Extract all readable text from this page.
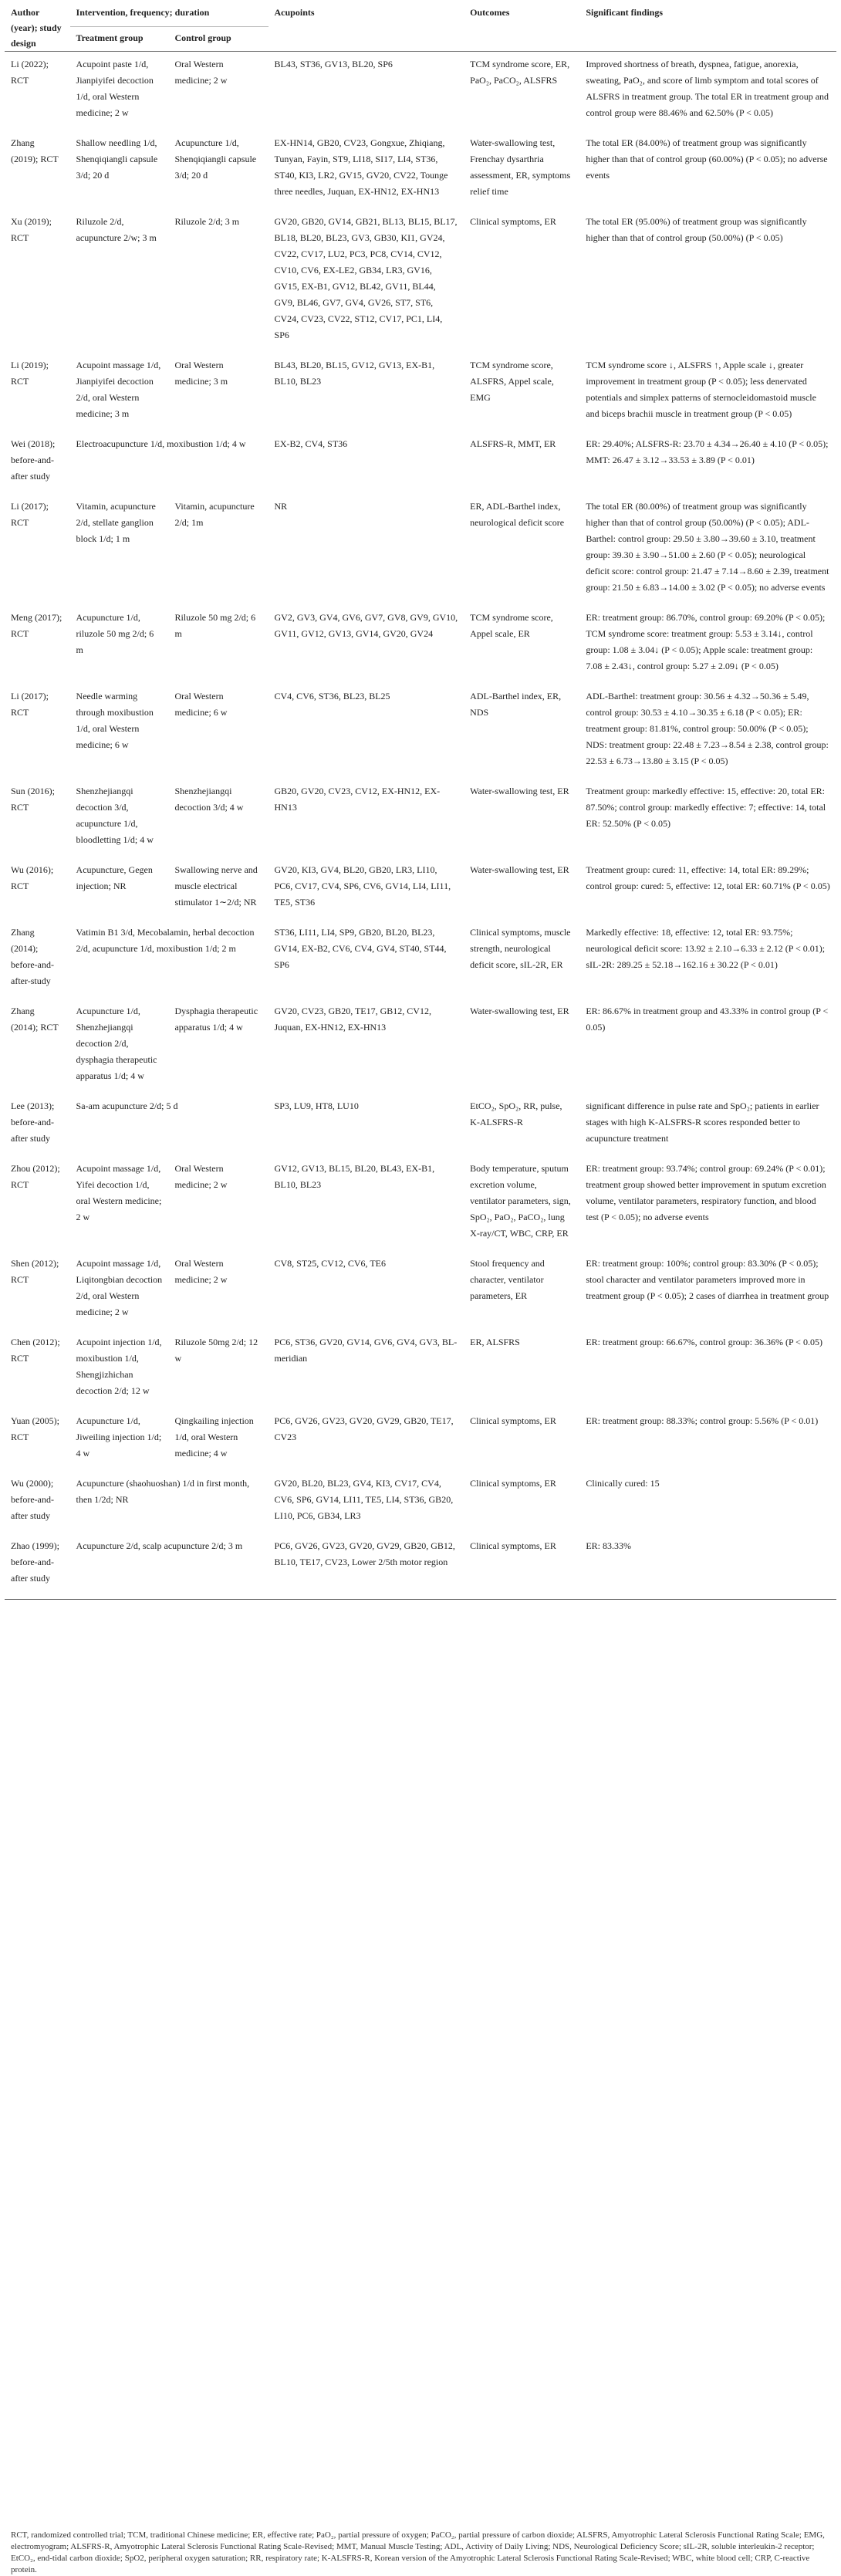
Author (year); study design	Intervention, frequency; duration		Acupoints	Outcomes	Significant findings
	Treatment group	Control group			
Li (2022); RCT	Acupoint paste 1/d, Jianpiyifei decoction 1/d, oral Western medicine; 2 w	Oral Western medicine; 2 w	BL43, ST36, GV13, BL20, SP6	TCM syndrome score, ER, PaO₂, PaCO₂, ALSFRS	Improved shortness of breath, dyspnea, fatigue, anorexia, sweating, PaO₂, and score of limb symptom and total scores of ALSFRS in treatment group. The total ER in treatment group and control group were 88.46% and 62.50% (P < 0.05)
Zhang (2019); RCT	Shallow needling 1/d, Shenqiqiangli capsule 3/d; 20 d	Acupuncture 1/d, Shenqiqiangli capsule 3/d; 20 d	EX-HN14, GB20, CV23, Gongxue, Zhiqiang, Tunyan, Fayin, ST9, LI18, SI17, LI4, ST36, ST40, KI3, LR2, GV15, GV20, CV22, Tounge three needles, Juquan, EX-HN12, EX-HN13	Water-swallowing test, Frenchay dysarthria assessment, ER, symptoms relief time	The total ER (84.00%) of treatment group was significantly higher than that of control group (60.00%) (P < 0.05); no adverse events
Xu (2019); RCT	Riluzole 2/d, acupuncture 2/w; 3 m	Riluzole 2/d; 3 m	GV20, GB20, GV14, GB21, BL13, BL15, BL17, BL18, BL20, BL23, GV3, GB30, KI1, GV24, CV22, CV17, LU2, PC3, PC8, CV14, CV12, CV10, CV6, EX-LE2, GB34, LR3, GV16, GV15, EX-B1, GV12, BL42, GV11, BL44, GV9, BL46, GV7, GV4, GV26, ST7, ST6, CV24, CV23, CV22, ST12, CV17, PC1, LI4, SP6	Clinical symptoms, ER	The total ER (95.00%) of treatment group was significantly higher than that of control group (50.00%) (P < 0.05)
Li (2019); RCT	Acupoint massage 1/d, Jianpiyifei decoction 2/d, oral Western medicine; 3 m	Oral Western medicine; 3 m	BL43, BL20, BL15, GV12, GV13, EX-B1, BL10, BL23	TCM syndrome score, ALSFRS, Appel scale, EMG	TCM syndrome score ↓, ALSFRS ↑, Apple scale ↓, greater improvement in treatment group (P < 0.05); less denervated potentials and simplex patterns of sternocleidomastoid muscle and biceps brachii muscle in treatment group (P < 0.05)
Wei (2018); before-and-after study	Electroacupuncture 1/d, moxibustion 1/d; 4 w		EX-B2, CV4, ST36	ALSFRS-R, MMT, ER	ER: 29.40%; ALSFRS-R: 23.70 ± 4.34→26.40 ± 4.10 (P < 0.05); MMT: 26.47 ± 3.12→33.53 ± 3.89 (P < 0.01)
Li (2017); RCT	Vitamin, acupuncture 2/d, stellate ganglion block 1/d; 1 m	Vitamin, acupuncture 2/d; 1m	NR	ER, ADL-Barthel index, neurological deficit score	The total ER (80.00%) of treatment group was significantly higher than that of control group (50.00%) (P < 0.05); ADL-Barthel: control group: 29.50 ± 3.80→39.60 ± 3.10, treatment group: 39.30 ± 3.90→51.00 ± 2.60 (P < 0.05); neurological deficit score: control group: 21.47 ± 7.14→8.60 ± 2.39, treatment group: 21.50 ± 6.83→14.00 ± 3.02 (P < 0.05); no adverse events
Meng (2017); RCT	Acupuncture 1/d, riluzole 50 mg 2/d; 6 m	Riluzole 50 mg 2/d; 6 m	GV2, GV3, GV4, GV6, GV7, GV8, GV9, GV10, GV11, GV12, GV13, GV14, GV20, GV24	TCM syndrome score, Appel scale, ER	ER: treatment group: 86.70%, control group: 69.20% (P < 0.05); TCM syndrome score: treatment group: 5.53 ± 3.14↓, control group: 1.08 ± 3.04↓ (P < 0.05); Apple scale: treatment group: 7.08 ± 2.43↓, control group: 5.27 ± 2.09↓ (P < 0.05)
Li (2017); RCT	Needle warming through moxibustion 1/d, oral Western medicine; 6 w	Oral Western medicine; 6 w	CV4, CV6, ST36, BL23, BL25	ADL-Barthel index, ER, NDS	ADL-Barthel: treatment group: 30.56 ± 4.32→50.36 ± 5.49, control group: 30.53 ± 4.10→30.35 ± 6.18 (P < 0.05); ER: treatment group: 81.81%, control group: 50.00% (P < 0.05); NDS: treatment group: 22.48 ± 7.23→8.54 ± 2.38, control group: 22.53 ± 6.73→13.80 ± 3.15 (P < 0.05)
Sun (2016); RCT	Shenzhejiangqi decoction 3/d, acupuncture 1/d, bloodletting 1/d; 4 w	Shenzhejiangqi decoction 3/d; 4 w	GB20, GV20, CV23, CV12, EX-HN12, EX-HN13	Water-swallowing test, ER	Treatment group: markedly effective: 15, effective: 20, total ER: 87.50%; control group: markedly effective: 7; effective: 14, total ER: 52.50% (P < 0.05)
Wu (2016); RCT	Acupuncture, Gegen injection; NR	Swallowing nerve and muscle electrical stimulator 1∼2/d; NR	GV20, KI3, GV4, BL20, GB20, LR3, LI10, PC6, CV17, CV4, SP6, CV6, GV14, LI4, LI11, TE5, ST36	Water-swallowing test, ER	Treatment group: cured: 11, effective: 14, total ER: 89.29%; control group: cured: 5, effective: 12, total ER: 60.71% (P < 0.05)
Zhang (2014); before-and-after-study	Vatimin B1 3/d, Mecobalamin, herbal decoction 2/d, acupuncture 1/d, moxibustion 1/d; 2 m		ST36, LI11, LI4, SP9, GB20, BL20, BL23, GV14, EX-B2, CV6, CV4, GV4, ST40, ST44, SP6	Clinical symptoms, muscle strength, neurological deficit score, sIL-2R, ER	Markedly effective: 18, effective: 12, total ER: 93.75%; neurological deficit score: 13.92 ± 2.10→6.33 ± 2.12 (P < 0.01); sIL-2R: 289.25 ± 52.18→162.16 ± 30.22 (P < 0.01)
Zhang (2014); RCT	Acupuncture 1/d, Shenzhejiangqi decoction 2/d, dysphagia therapeutic apparatus 1/d; 4 w	Dysphagia therapeutic apparatus 1/d; 4 w	GV20, CV23, GB20, TE17, GB12, CV12, Juquan, EX-HN12, EX-HN13	Water-swallowing test, ER	ER: 86.67% in treatment group and 43.33% in control group (P < 0.05)
Lee (2013); before-and-after study	Sa-am acupuncture 2/d; 5 d		SP3, LU9, HT8, LU10	EtCO₂, SpO₂, RR, pulse, K-ALSFRS-R	significant difference in pulse rate and SpO₂; patients in earlier stages with high K-ALSFRS-R scores responded better to acupuncture treatment
Zhou (2012); RCT	Acupoint massage 1/d, Yifei decoction 1/d, oral Western medicine; 2 w	Oral Western medicine; 2 w	GV12, GV13, BL15, BL20, BL43, EX-B1, BL10, BL23	Body temperature, sputum excretion volume, ventilator parameters, sign, SpO₂, PaO₂, PaCO₂, lung X-ray/CT, WBC, CRP, ER	ER: treatment group: 93.74%; control group: 69.24% (P < 0.01); treatment group showed better improvement in sputum excretion volume, ventilator parameters, respiratory function, and blood test (P < 0.05); no adverse events
Shen (2012); RCT	Acupoint massage 1/d, Liqitongbian decoction 2/d, oral Western medicine; 2 w	Oral Western medicine; 2 w	CV8, ST25, CV12, CV6, TE6	Stool frequency and character, ventilator parameters, ER	ER: treatment group: 100%; control group: 83.30% (P < 0.05); stool character and ventilator parameters improved more in treatment group (P < 0.05); 2 cases of diarrhea in treatment group
Chen (2012); RCT	Acupoint injection 1/d, moxibustion 1/d, Shengjizhichan decoction 2/d; 12 w	Riluzole 50mg 2/d; 12 w	PC6, ST36, GV20, GV14, GV6, GV4, GV3, BL-meridian	ER, ALSFRS	ER: treatment group: 66.67%, control group: 36.36% (P < 0.05)
Yuan (2005); RCT	Acupuncture 1/d, Jiweiling injection 1/d; 4 w	Qingkailing injection 1/d, oral Western medicine; 4 w	PC6, GV26, GV23, GV20, GV29, GB20, TE17, CV23	Clinical symptoms, ER	ER: treatment group: 88.33%; control group: 5.56% (P < 0.01)
Wu (2000); before-and-after study	Acupuncture (shaohuoshan) 1/d in first month, then 1/2d; NR		GV20, BL20, BL23, GV4, KI3, CV17, CV4, CV6, SP6, GV14, LI11, TE5, LI4, ST36, GB20, LI10, PC6, GB34, LR3	Clinical symptoms, ER	Clinically cured: 15
Zhao (1999); before-and-after study	Acupuncture 2/d, scalp acupuncture 2/d; 3 m		PC6, GV26, GV23, GV20, GV29, GB20, GB12, BL10, TE17, CV23, Lower 2/5th motor region	Clinical symptoms, ER	ER: 83.33%
RCT, randomized controlled trial; TCM, traditional Chinese medicine; ER, effective rate; PaO₂, partial pressure of oxygen; PaCO₂, partial pressure of carbon dioxide; ALSFRS, Amyotrophic Lateral Sclerosis Functional Rating Scale; EMG, electromyogram; ALSFRS-R, Amyotrophic Lateral Sclerosis Functional Rating Scale-Revised; MMT, Manual Muscle Testing; ADL, Activity of Daily Living; NDS, Neurological Deficiency Score; sIL-2R, soluble interleukin-2 receptor; EtCO₂, end-tidal carbon dioxide; SpO2, peripheral oxygen saturation; RR, respiratory rate; K-ALSFRS-R, Korean version of the Amyotrophic Lateral Sclerosis Functional Rating Scale-Revised; WBC, white blood cell; CRP, C-reactive protein.
